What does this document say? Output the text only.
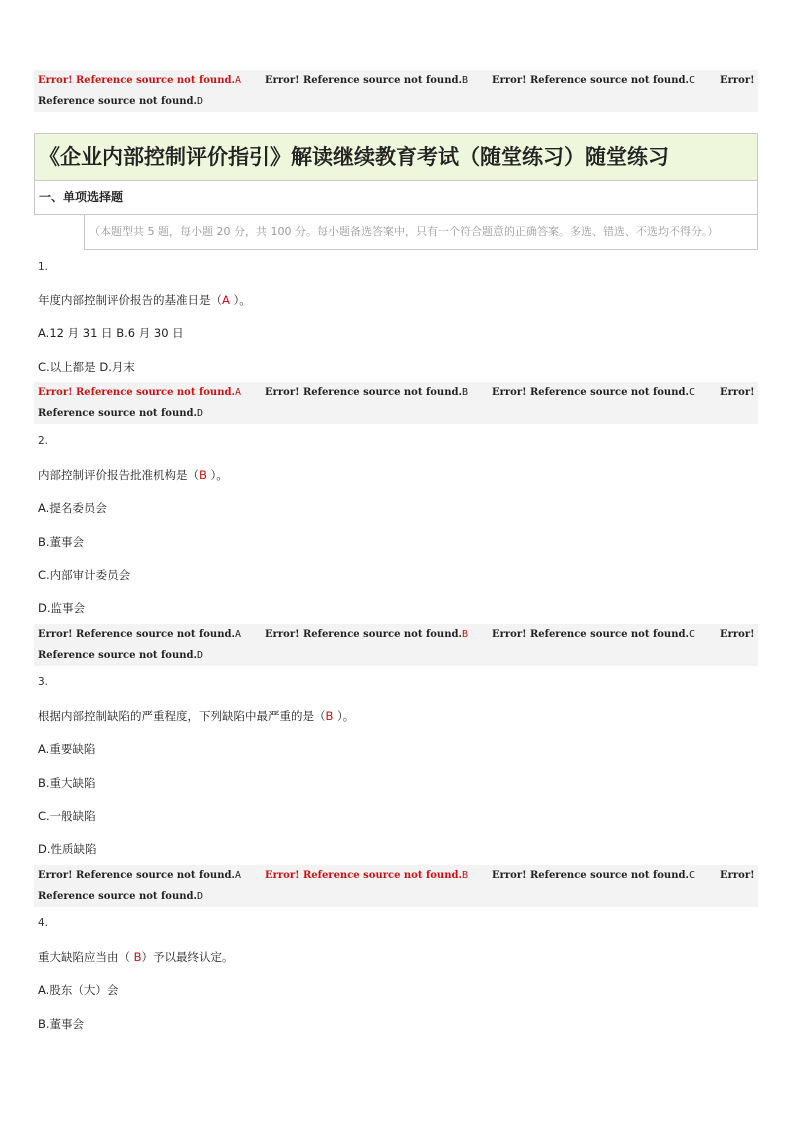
Error! Reference source not found.A Error! Reference source not found.B Error! Reference source not found.C	Error!
Reference source not found.D
《企业内部控制评价指引》解读继续教育考试（随堂练习）随堂练习
一、单项选择题
（本题型共 5 题，每小题 20 分，共 100 分。每小题备选答案中，只有一个符合题意的正确答案。多选、错选、不选均不得分。）
1.
年度内部控制评价报告的基准日是（A ）。
A.12 月 31 日 B.6 月 30 日
C.以上都是 D.月末
Error! Reference source not found.A Error! Reference source not found.B Error! Reference source not found.C	Error!
Reference source not found.D
2.
内部控制评价报告批准机构是（B ）。
A.提名委员会
B.董事会
C.内部审计委员会
D.监事会
Error! Reference source not found.A Error! Reference source not found.B Error! Reference source not found.C	Error!
Reference source not found.D
3.
根据内部控制缺陷的严重程度，下列缺陷中最严重的是（B ）。
A.重要缺陷
B.重大缺陷
C.一般缺陷
D.性质缺陷
Error! Reference source not found.A Error! Reference source not found.B Error! Reference source not found.C	Error!
Reference source not found.D
4.
重大缺陷应当由（ B）予以最终认定。
A.股东（大）会
B.董事会
